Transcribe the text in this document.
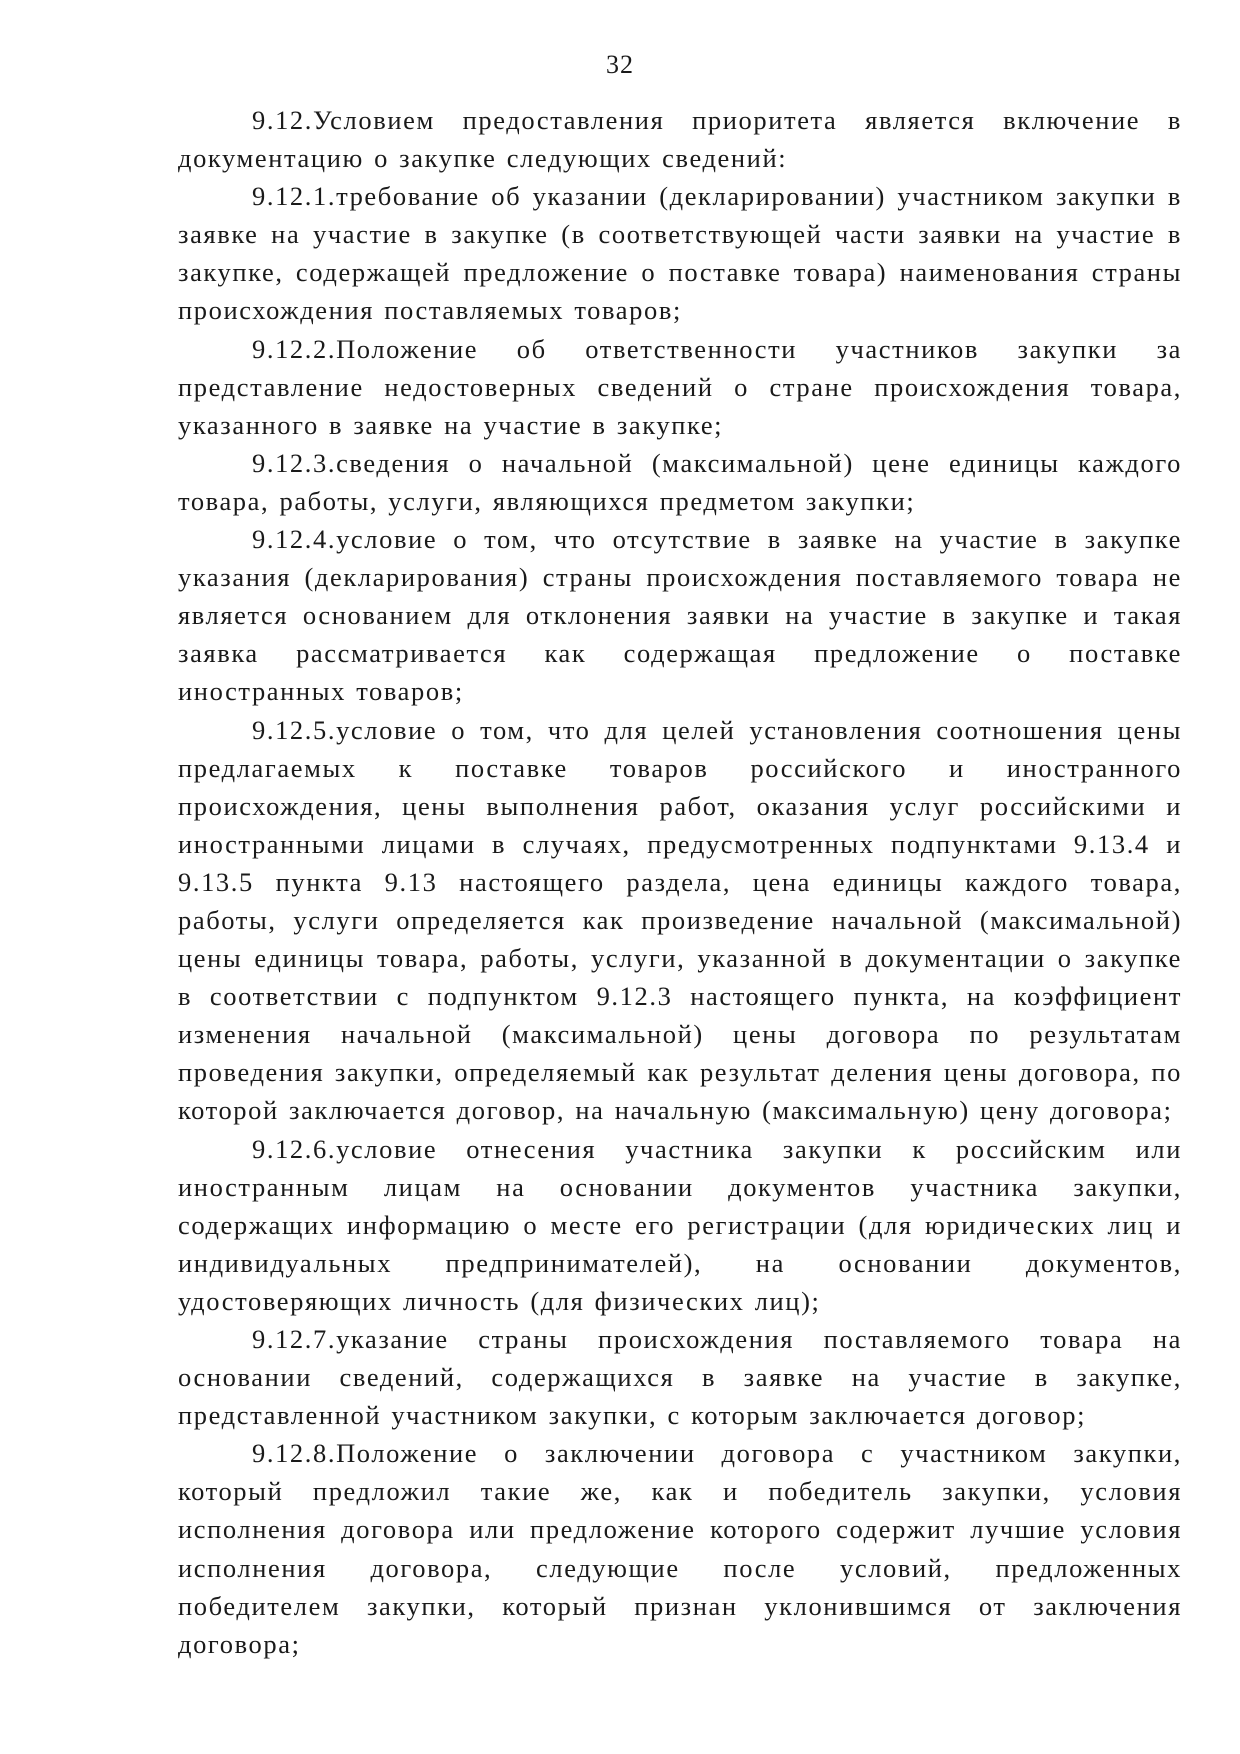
32

9.12.Условием предоставления приоритета является включение в документацию о закупке следующих сведений:

9.12.1.требование об указании (декларировании) участником закупки в заявке на участие в закупке (в соответствующей части заявки на участие в закупке, содержащей предложение о поставке товара) наименования страны происхождения поставляемых товаров;

9.12.2.Положение об ответственности участников закупки за представление недостоверных сведений о стране происхождения товара, указанного в заявке на участие в закупке;

9.12.3.сведения о начальной (максимальной) цене единицы каждого товара, работы, услуги, являющихся предметом закупки;

9.12.4.условие о том, что отсутствие в заявке на участие в закупке указания (декларирования) страны происхождения поставляемого товара не является основанием для отклонения заявки на участие в закупке и такая заявка рассматривается как содержащая предложение о поставке иностранных товаров;

9.12.5.условие о том, что для целей установления соотношения цены предлагаемых к поставке товаров российского и иностранного происхождения, цены выполнения работ, оказания услуг российскими и иностранными лицами в случаях, предусмотренных подпунктами 9.13.4 и 9.13.5 пункта 9.13 настоящего раздела, цена единицы каждого товара, работы, услуги определяется как произведение начальной (максимальной) цены единицы товара, работы, услуги, указанной в документации о закупке в соответствии с подпунктом 9.12.3 настоящего пункта, на коэффициент изменения начальной (максимальной) цены договора по результатам проведения закупки, определяемый как результат деления цены договора, по которой заключается договор, на начальную (максимальную) цену договора;

9.12.6.условие отнесения участника закупки к российским или иностранным лицам на основании документов участника закупки, содержащих информацию о месте его регистрации (для юридических лиц и индивидуальных предпринимателей), на основании документов, удостоверяющих личность (для физических лиц);

9.12.7.указание страны происхождения поставляемого товара на основании сведений, содержащихся в заявке на участие в закупке, представленной участником закупки, с которым заключается договор;

9.12.8.Положение о заключении договора с участником закупки, который предложил такие же, как и победитель закупки, условия исполнения договора или предложение которого содержит лучшие условия исполнения договора, следующие после условий, предложенных победителем закупки, который признан уклонившимся от заключения договора;
